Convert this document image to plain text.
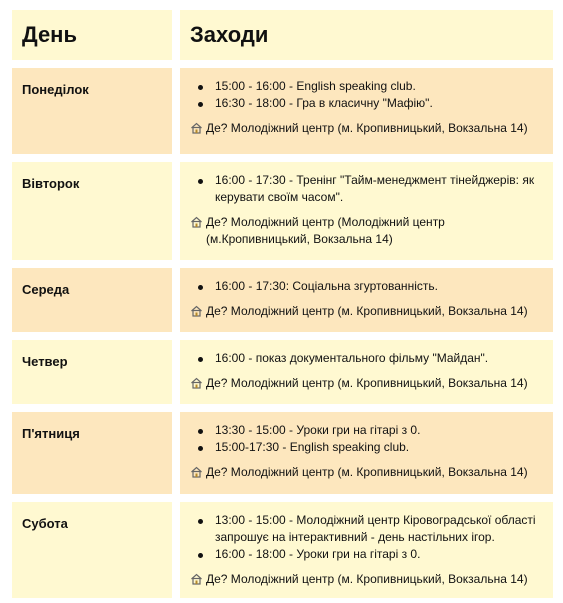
День	Заходи
Понеділок	15:00 - 16:00 - English speaking club.
16:30 - 18:00 - Гра в класичну "Мафію".
Де? Молодіжний центр (м. Кропивницький, Вокзальна 14)
Вівторок	16:00 - 17:30 - Тренінг "Тайм-менеджмент тінейджерів: як керувати своїм часом".
Де? Молодіжний центр (Молодіжний центр (м.Кропивницький, Вокзальна 14)
Середа	16:00 - 17:30: Соціальна згуртованність.
Де? Молодіжний центр (м. Кропивницький, Вокзальна 14)
Четвер	16:00 - показ документального фільму "Майдан".
Де? Молодіжний центр (м. Кропивницький, Вокзальна 14)
П'ятниця	13:30 - 15:00 - Уроки гри на гітарі з 0.
15:00-17:30 - English speaking club.
Де? Молодіжний центр (м. Кропивницький, Вокзальна 14)
Субота	13:00 - 15:00 - Молодіжний центр Кіровоградської області запрошує на інтерактивний - день настільних ігор.
16:00 - 18:00 - Уроки гри на гітарі з 0.
Де? Молодіжний центр (м. Кропивницький, Вокзальна 14)
